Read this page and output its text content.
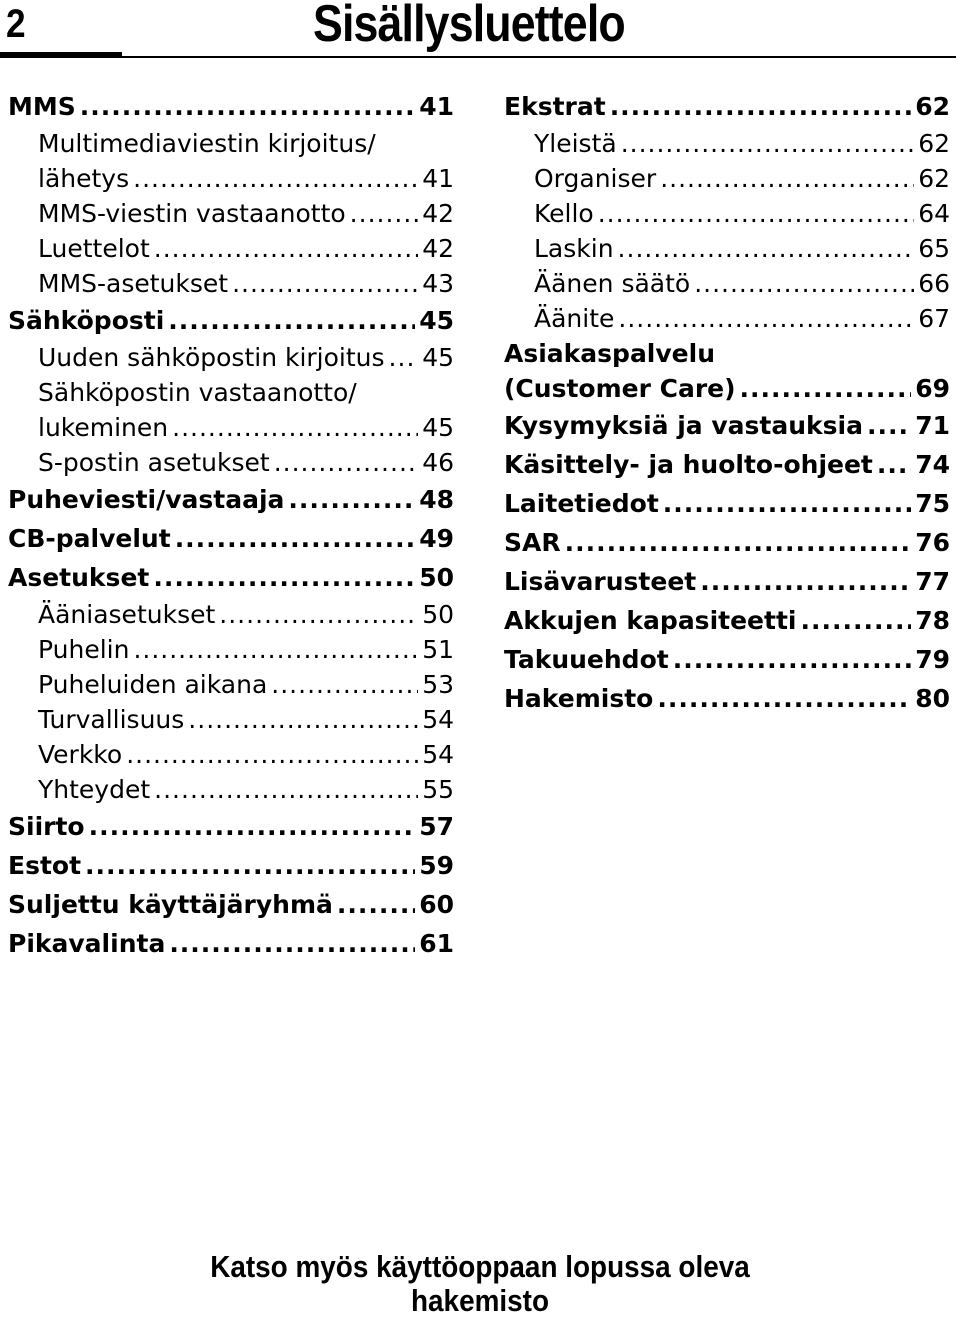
2	Sisällysluettelo
MMS .....	41
Multimediaviestin kirjoitus/
lähetys .....	41
MMS-viestin vastaanotto .....	42
Luettelot .....	42
MMS-asetukset .....	43
Sähköposti .....	45
Uuden sähköpostin kirjoitus ..... 45
Sähköpostin vastaanotto/
lukeminen .....	45
S-postin asetukset .....	46
Puheviesti/vastaaja .....	48
CB-palvelut .....	49
Asetukset .....	50
Ääniasetukset .....	50
Puhelin .....	51
Puheluiden aikana .....	53
Turvallisuus .....	54
Verkko .....	54
Yhteydet .....	55
Siirto .....	57
Estot .....	59
Suljettu käyttäjäryhmä .....	60
Pikavalinta .....	61
Ekstrat .....	62
Yleistä .....	62
Organiser .....	62
Kello .....	64
Laskin .....	65
Äänen säätö .....	66
Äänite .....	67
Asiakaspalvelu
(Customer Care) .....	69
Kysymyksiä ja vastauksia ..... 71
Käsittely- ja huolto-ohjeet ..... 74
Laitetiedot .....	75
SAR .....	76
Lisävarusteet .....	77
Akkujen kapasiteetti .....	78
Takuuehdot .....	79
Hakemisto .....	80
Katso myös käyttöoppaan lopussa oleva
hakemisto
